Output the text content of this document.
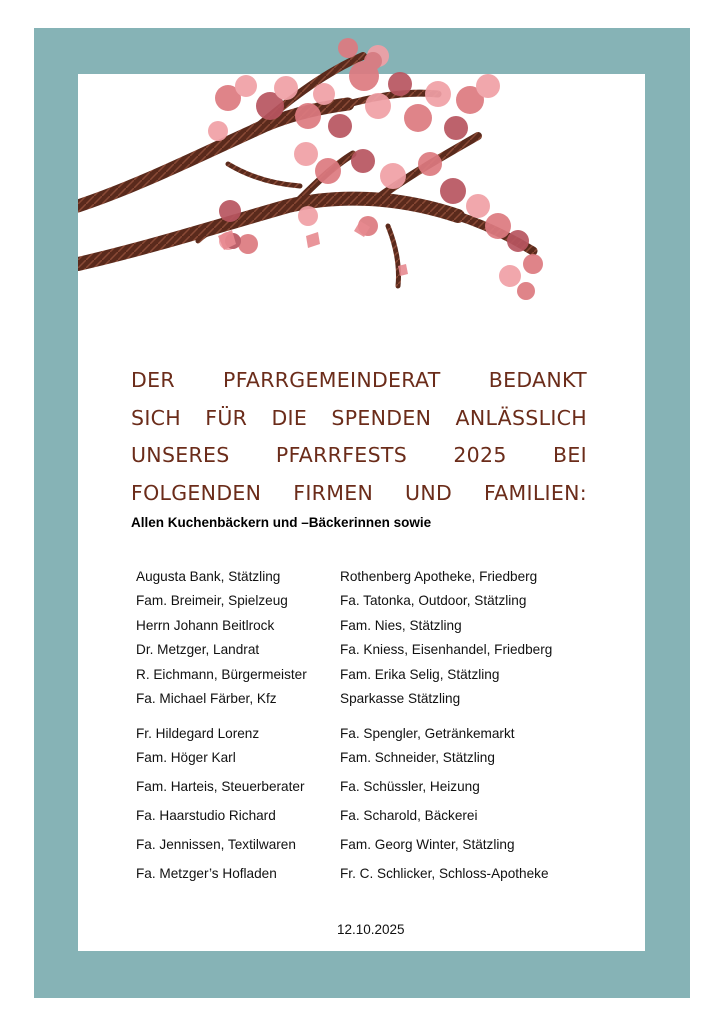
DER PFARRGEMEINDERAT BEDANKT
SICH FÜR DIE SPENDEN ANLÄSSLICH
UNSERES PFARRFESTS 2025 BEI
FOLGENDEN FIRMEN UND FAMILIEN:
Allen Kuchenbäckern und –Bäckerinnen sowie
Augusta Bank, Stätzling	Rothenberg Apotheke, Friedberg
Fam. Breimeir, Spielzeug	Fa. Tatonka, Outdoor, Stätzling
Herrn Johann Beitlrock	Fam. Nies, Stätzling
Dr. Metzger, Landrat	Fa. Kniess, Eisenhandel, Friedberg
R. Eichmann, Bürgermeister	Fam. Erika Selig, Stätzling
Fa. Michael Färber, Kfz	Sparkasse Stätzling
Fr. Hildegard Lorenz	Fa. Spengler, Getränkemarkt
Fam. Höger Karl	Fam. Schneider, Stätzling
Fam. Harteis, Steuerberater	Fa. Schüssler, Heizung
Fa. Haarstudio Richard	Fa. Scharold, Bäckerei
Fa. Jennissen, Textilwaren	Fam. Georg Winter, Stätzling
Fa. Metzger’s Hofladen	Fr. C. Schlicker, Schloss-Apotheke
12.10.2025
